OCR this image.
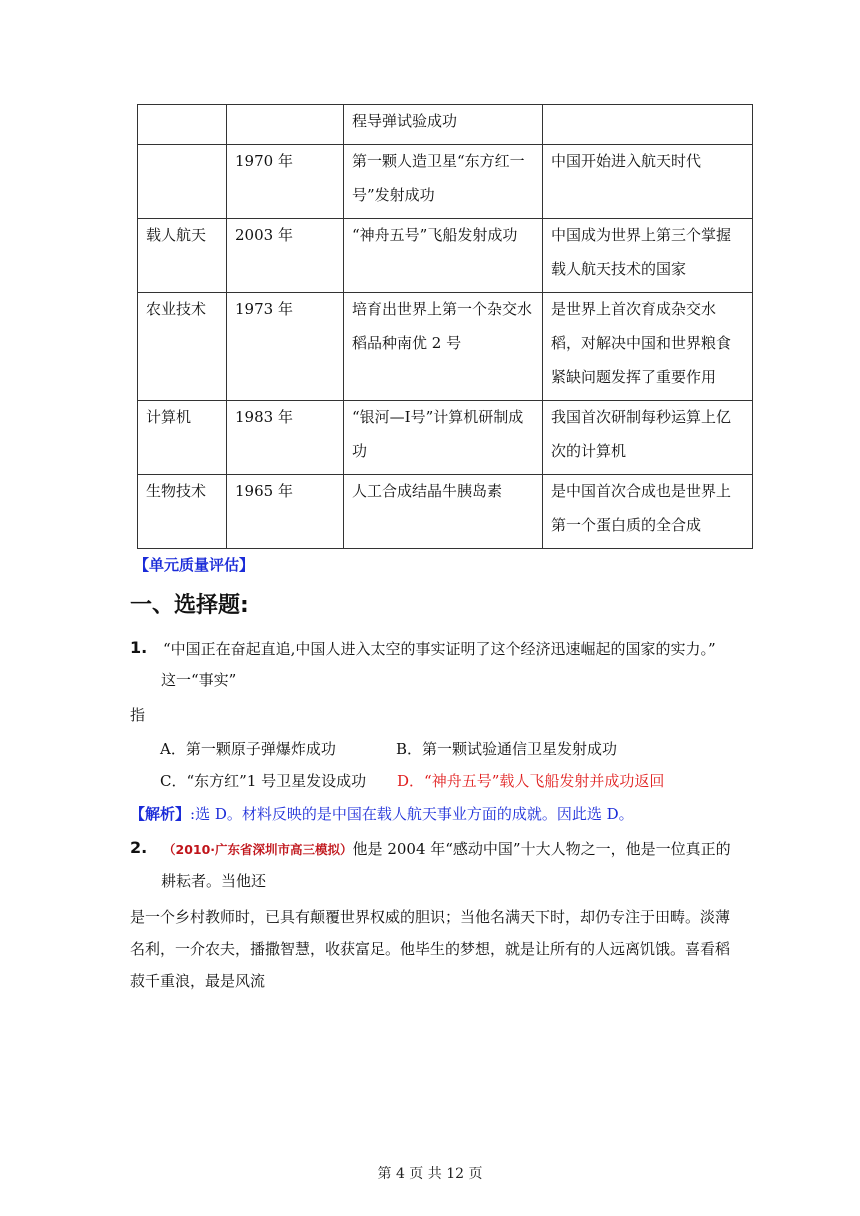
		程导弹试验成功	

	1970 年	第一颗人造卫星“东方红一号”发射成功	中国开始进入航天时代

载人航天	2003 年	“神舟五号”飞船发射成功	中国成为世界上第三个掌握载人航天技术的国家

农业技术	1973 年	培育出世界上第一个杂交水稻品种南优 2 号	是世界上首次育成杂交水稻，对解决中国和世界粮食紧缺问题发挥了重要作用

计算机	1983 年	“银河—Ⅰ号”计算机研制成功	我国首次研制每秒运算上亿次的计算机

生物技术	1965 年	人工合成结晶牛胰岛素	是中国首次合成也是世界上第一个蛋白质的全合成
【单元质量评估】
一、选择题:
1. “中国正在奋起直追,中国人进入太空的事实证明了这个经济迅速崛起的国家的实力。”
这一“事实”
指
A．第一颗原子弹爆炸成功	B．第一颗试验通信卫星发射成功
C．“东方红”1 号卫星发设成功 D．“神舟五号”载人飞船发射并成功返回
【解析】:选 D。材料反映的是中国在载人航天事业方面的成就。因此选 D。
2. （2010·广东省深圳市高三模拟）他是 2004 年“感动中国”十大人物之一，他是一位真正的
耕耘者。当他还
是一个乡村教师时，已具有颠覆世界权威的胆识；当他名满天下时，却仍专注于田畴。淡薄
名利，一介农夫，播撒智慧，收获富足。他毕生的梦想，就是让所有的人远离饥饿。喜看稻
菽千重浪，最是风流
第 4 页 共 12 页
